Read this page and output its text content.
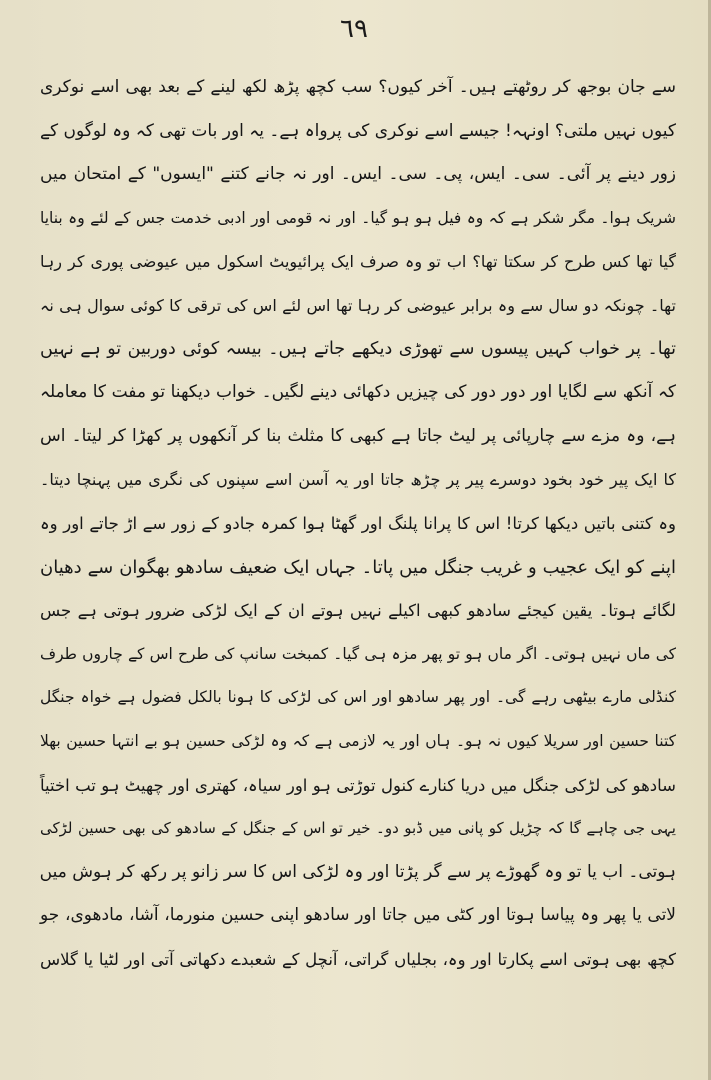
٦٩
سے جان بوجھ کر روٹھتے ہیں۔ آخر کیوں؟ سب کچھ پڑھ لکھ لینے کے بعد بھی اسے نوکری
کیوں نہیں ملتی؟ اونہہ! جیسے اسے نوکری کی پرواہ ہے۔ یہ اور بات تھی کہ وہ لوگوں کے
زور دینے پر آئی۔ سی۔ ایس، پی۔ سی۔ ایس۔ اور نہ جانے کتنے "ایسوں" کے امتحان میں
شریک ہوا۔ مگر شکر ہے کہ وہ فیل ہو ہو گیا۔ اور نہ قومی اور ادبی خدمت جس کے لئے وہ بنایا
گیا تھا کس طرح کر سکتا تھا؟ اب تو وہ صرف ایک پرائیویٹ اسکول میں عیوضی پوری کر رہا
تھا۔ چونکہ دو سال سے وہ برابر عیوضی کر رہا تھا اس لئے اس کی ترقی کا کوئی سوال ہی نہ
تھا۔ پر خواب کہیں پیسوں سے تھوڑی دیکھے جاتے ہیں۔ بیسہ کوئی دوربین تو ہے نہیں
کہ آنکھ سے لگایا اور دور دور کی چیزیں دکھائی دینے لگیں۔ خواب دیکھنا تو مفت کا معاملہ
ہے، وہ مزے سے چارپائی پر لیٹ جاتا ہے کبھی کا مثلث بنا کر آنکھوں پر کھڑا کر لیتا۔ اس
کا ایک پیر خود بخود دوسرے پیر پر چڑھ جاتا اور یہ آسن اسے سپنوں کی نگری میں پہنچا دیتا۔
وہ کتنی باتیں دیکھا کرتا! اس کا پرانا پلنگ اور گھٹا ہوا کمرہ جادو کے زور سے اڑ جاتے اور وہ
اپنے کو ایک عجیب و غریب جنگل میں پاتا۔ جہاں ایک ضعیف سادھو بھگوان سے دھیان
لگائے ہوتا۔ یقین کیجئے سادھو کبھی اکیلے نہیں ہوتے ان کے ایک لڑکی ضرور ہوتی ہے جس
کی ماں نہیں ہوتی۔ اگر ماں ہو تو پھر مزہ ہی گیا۔ کمبخت سانپ کی طرح اس کے چاروں طرف
کنڈلی مارے بیٹھی رہے گی۔ اور پھر سادھو اور اس کی لڑکی کا ہونا بالکل فضول ہے خواہ جنگل
کتنا حسین اور سریلا کیوں نہ ہو۔ ہاں اور یہ لازمی ہے کہ وہ لڑکی حسین ہو بے انتہا حسین بھلا
سادھو کی لڑکی جنگل میں دریا کنارے کنول توڑتی ہو اور سیاہ، کھتری اور چھیٹ ہو تب اختیاً
یہی جی چاہے گا کہ چڑیل کو پانی میں ڈبو دو۔ خیر تو اس کے جنگل کے سادھو کی بھی حسین لڑکی
ہوتی۔ اب یا تو وہ گھوڑے پر سے گر پڑتا اور وہ لڑکی اس کا سر زانو پر رکھ کر ہوش میں
لاتی یا پھر وہ پیاسا ہوتا اور کٹی میں جاتا اور سادھو اپنی حسین منورما، آشا، مادھوی، جو
کچھ بھی ہوتی اسے پکارتا اور وہ، بجلیاں گراتی، آنچل کے شعبدے دکھاتی آتی اور لٹیا یا گلاس
